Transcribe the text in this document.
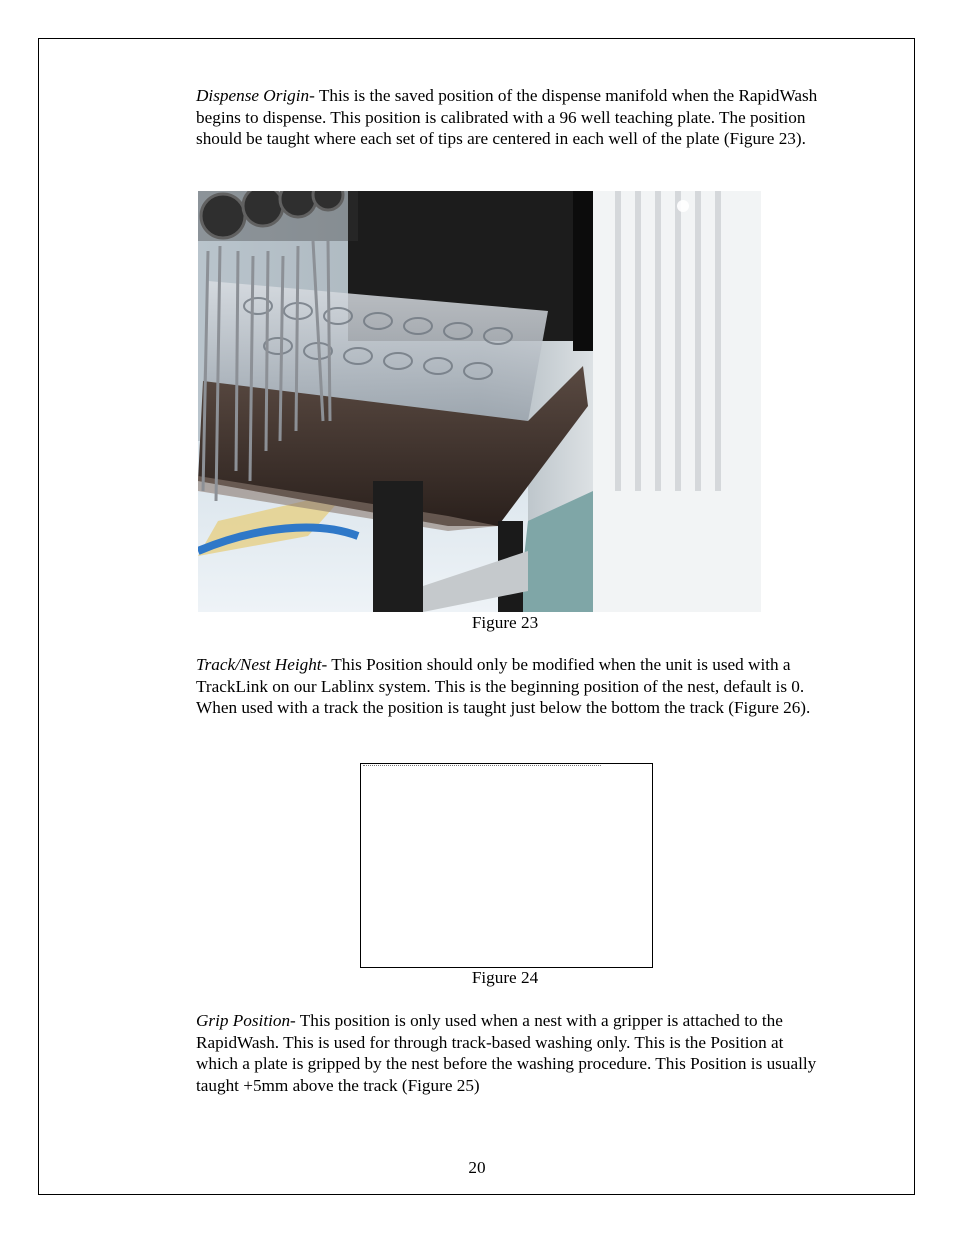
Dispense Origin- This is the saved position of the dispense manifold when the RapidWash begins to dispense. This position is calibrated with a 96 well teaching plate. The position should be taught where each set of tips are centered in each well of the plate (Figure 23).

Figure 23

Track/Nest Height- This Position should only be modified when the unit is used with a TrackLink on our Lablinx system. This is the beginning position of the nest, default is 0. When used with a track the position is taught just below the bottom the track (Figure 26).

Figure 24

Grip Position- This position is only used when a nest with a gripper is attached to the RapidWash. This is used for through track-based washing only. This is the Position at which a plate is gripped by the nest before the washing procedure. This Position is usually taught +5mm above the track (Figure 25)

20
